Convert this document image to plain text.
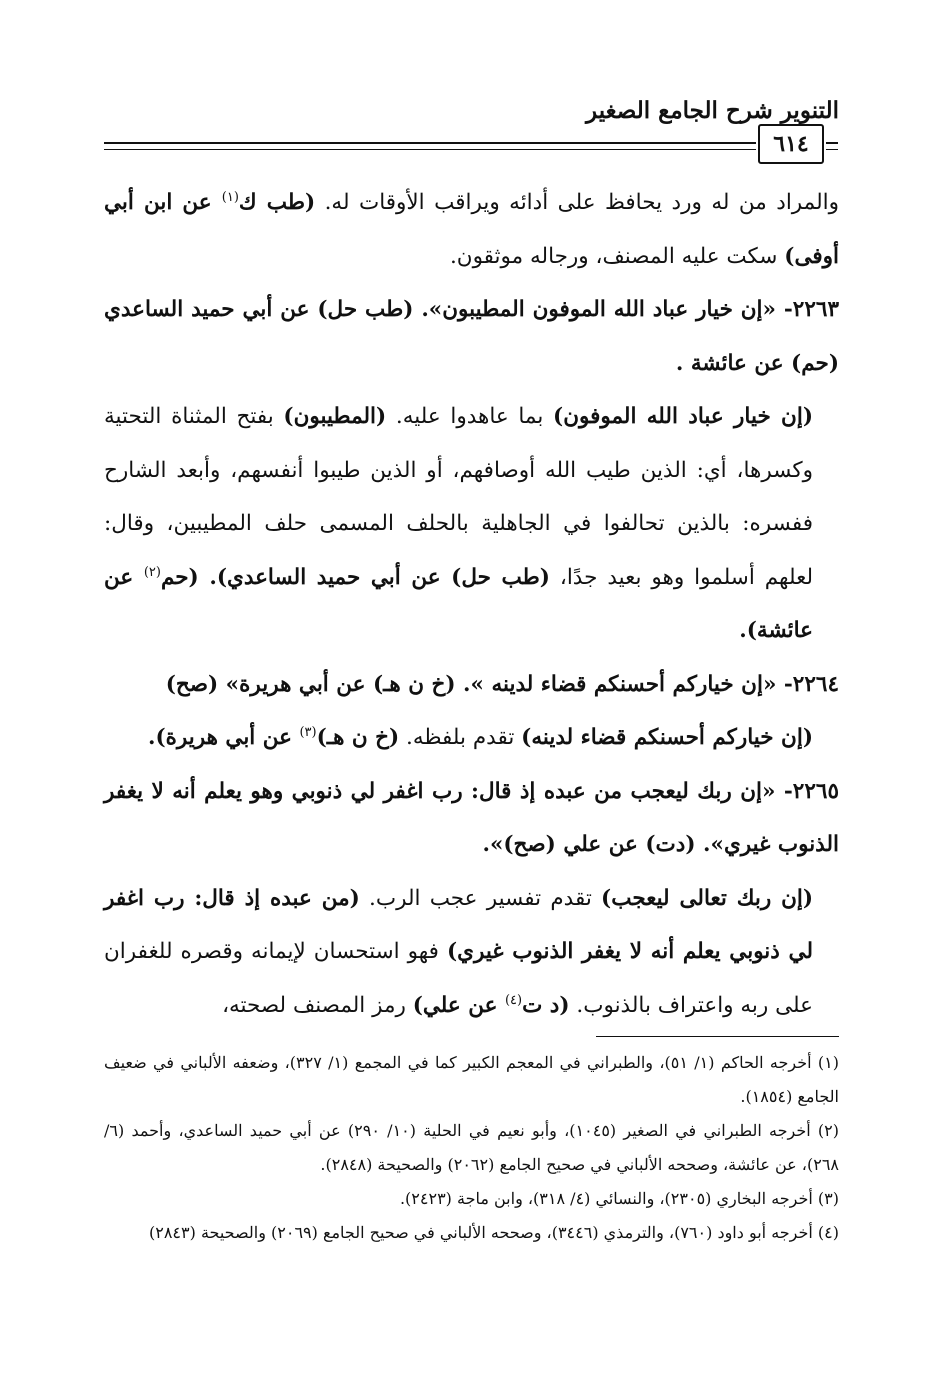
التنوير شرح الجامع الصغير
٦١٤

والمراد من له ورد يحافظ على أدائه ويراقب الأوقات له. (طب ك$^{(١)}$ عن ابن أبي أوفى) سكت عليه المصنف، ورجاله موثقون.

٢٢٦٣- «إن خيار عباد الله الموفون المطيبون». (طب حل) عن أبي حميد الساعدي (حم) عن عائشة .

(إن خيار عباد الله الموفون) بما عاهدوا عليه. (المطيبون) بفتح المثناة التحتية وكسرها، أي: الذين طيب الله أوصافهم، أو الذين طيبوا أنفسهم، وأبعد الشارح ففسره: بالذين تحالفوا في الجاهلية بالحلف المسمى حلف المطيبين، وقال: لعلهم أسلموا وهو بعيد جدًا، (طب حل) عن أبي حميد الساعدي). (حم$^{(٢)}$ عن عائشة).

٢٢٦٤- «إن خياركم أحسنكم قضاء لدينه ». (خ ن هـ) عن أبي هريرة» (صح)

(إن خياركم أحسنكم قضاء لدينه) تقدم بلفظه. (خ ن هـ)$^{(٣)}$ عن أبي هريرة).

٢٢٦٥- «إن ربك ليعجب من عبده إذ قال: رب اغفر لي ذنوبي وهو يعلم أنه لا يغفر الذنوب غيري». (دت) عن علي (صح)».

(إن ربك تعالى ليعجب) تقدم تفسير عجب الرب. (من عبده إذ قال: رب اغفر لي ذنوبي يعلم أنه لا يغفر الذنوب غيري) فهو استحسان لإيمانه وقصره للغفران على ربه واعتراف بالذنوب. (د ت$^{(٤)}$ عن علي) رمز المصنف لصحته،

(١) أخرجه الحاكم (١/ ٥١)، والطبراني في المعجم الكبير كما في المجمع (١/ ٣٢٧)، وضعفه الألباني في ضعيف الجامع (١٨٥٤).

(٢) أخرجه الطبراني في الصغير (١٠٤٥)، وأبو نعيم في الحلية (١٠/ ٢٩٠) عن أبي حميد الساعدي، وأحمد (٦/ ٢٦٨)، عن عائشة، وصححه الألباني في صحيح الجامع (٢٠٦٢) والصحيحة (٢٨٤٨).

(٣) أخرجه البخاري (٢٣٠٥)، والنسائي (٤/ ٣١٨)، وابن ماجة (٢٤٢٣).

(٤) أخرجه أبو داود (٧٦٠)، والترمذي (٣٤٤٦)، وصححه الألباني في صحيح الجامع (٢٠٦٩) والصحيحة (٢٨٤٣)
